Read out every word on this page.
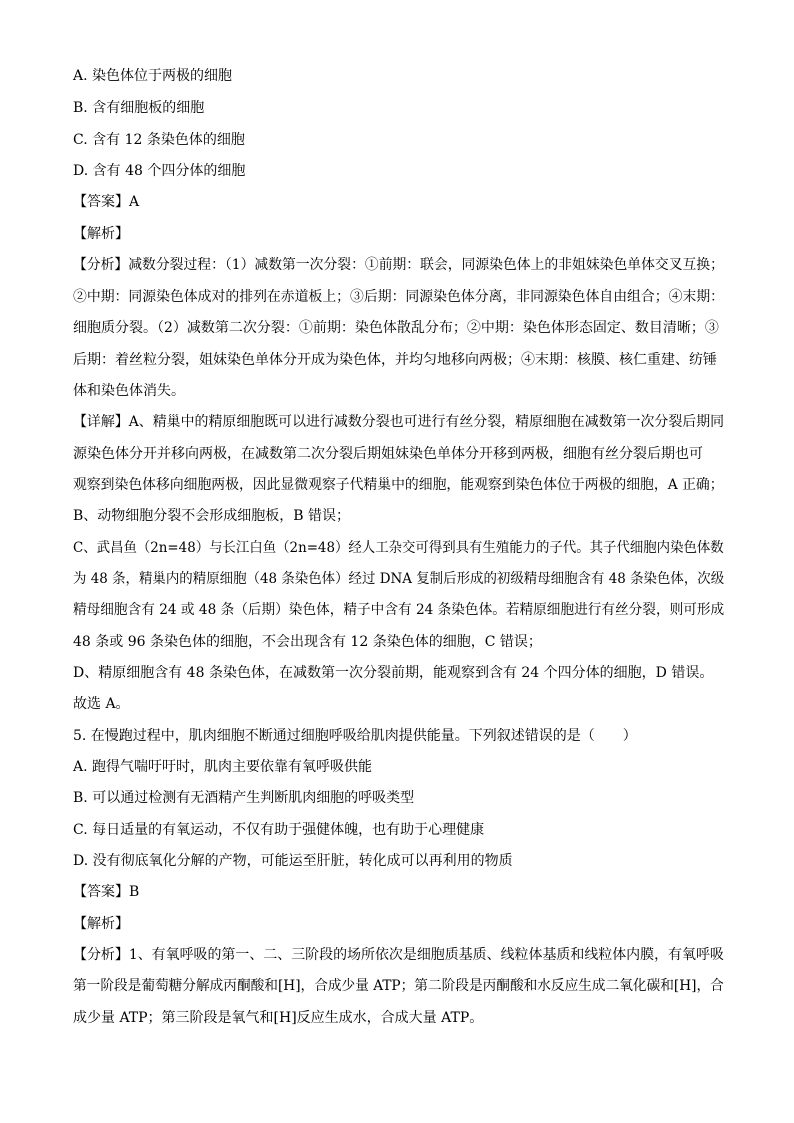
A. 染色体位于两极的细胞
B. 含有细胞板的细胞
C. 含有 12 条染色体的细胞
D. 含有 48 个四分体的细胞
【答案】A
【解析】
【分析】减数分裂过程：（1）减数第一次分裂：①前期：联会，同源染色体上的非姐妹染色单体交叉互换；
②中期：同源染色体成对的排列在赤道板上；③后期：同源染色体分离，非同源染色体自由组合；④末期：
细胞质分裂。（2）减数第二次分裂：①前期：染色体散乱分布；②中期：染色体形态固定、数目清晰；③
后期：着丝粒分裂，姐妹染色单体分开成为染色体，并均匀地移向两极；④末期：核膜、核仁重建、纺锤
体和染色体消失。
【详解】A、精巢中的精原细胞既可以进行减数分裂也可进行有丝分裂，精原细胞在减数第一次分裂后期同
源染色体分开并移向两极，在减数第二次分裂后期姐妹染色单体分开移到两极，细胞有丝分裂后期也可
观察到染色体移向细胞两极，因此显微观察子代精巢中的细胞，能观察到染色体位于两极的细胞，A 正确；
B、动物细胞分裂不会形成细胞板，B 错误；
C、武昌鱼（2n=48）与长江白鱼（2n=48）经人工杂交可得到具有生殖能力的子代。其子代细胞内染色体数
为 48 条，精巢内的精原细胞（48 条染色体）经过 DNA 复制后形成的初级精母细胞含有 48 条染色体，次级
精母细胞含有 24 或 48 条（后期）染色体，精子中含有 24 条染色体。若精原细胞进行有丝分裂，则可形成
48 条或 96 条染色体的细胞，不会出现含有 12 条染色体的细胞，C 错误；
D、精原细胞含有 48 条染色体，在减数第一次分裂前期，能观察到含有 24 个四分体的细胞，D 错误。
故选 A。
5. 在慢跑过程中，肌肉细胞不断通过细胞呼吸给肌肉提供能量。下列叙述错误的是（　　）
A. 跑得气喘吁吁时，肌肉主要依靠有氧呼吸供能
B. 可以通过检测有无酒精产生判断肌肉细胞的呼吸类型
C. 每日适量的有氧运动，不仅有助于强健体魄，也有助于心理健康
D. 没有彻底氧化分解的产物，可能运至肝脏，转化成可以再利用的物质
【答案】B
【解析】
【分析】1、有氧呼吸的第一、二、三阶段的场所依次是细胞质基质、线粒体基质和线粒体内膜，有氧呼吸
第一阶段是葡萄糖分解成丙酮酸和[H]，合成少量 ATP；第二阶段是丙酮酸和水反应生成二氧化碳和[H]，合
成少量 ATP；第三阶段是氧气和[H]反应生成水，合成大量 ATP。
